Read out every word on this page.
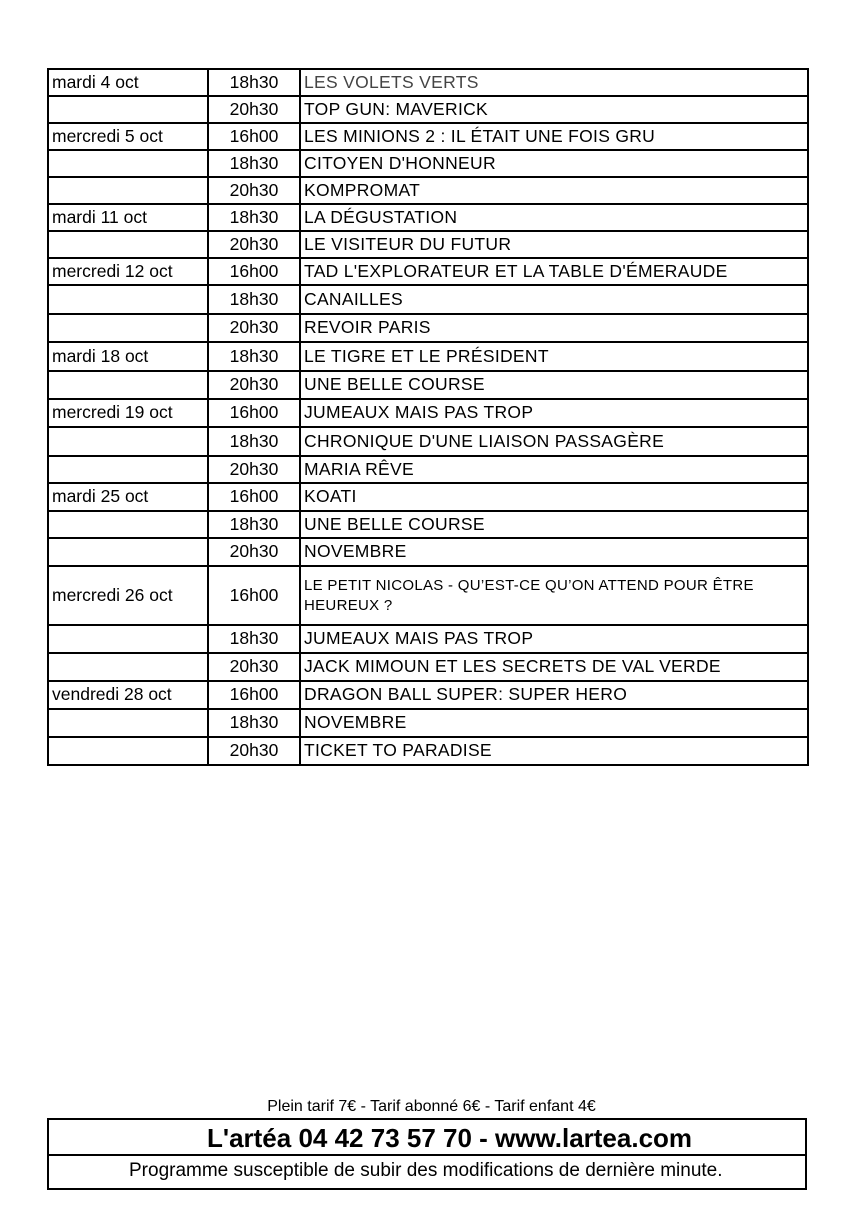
mardi 4 oct	18h30	LES VOLETS VERTS
	20h30	TOP GUN: MAVERICK
mercredi 5 oct	16h00	LES MINIONS 2 : IL ÉTAIT UNE FOIS GRU
	18h30	CITOYEN D'HONNEUR
	20h30	KOMPROMAT
mardi 11 oct	18h30	LA DÉGUSTATION
	20h30	LE VISITEUR DU FUTUR
mercredi 12 oct	16h00	TAD L'EXPLORATEUR ET LA TABLE D'ÉMERAUDE
	18h30	CANAILLES
	20h30	REVOIR PARIS
mardi 18 oct	18h30	LE TIGRE ET LE PRÉSIDENT
	20h30	UNE BELLE COURSE
mercredi 19 oct	16h00	JUMEAUX MAIS PAS TROP
	18h30	CHRONIQUE D'UNE LIAISON PASSAGÈRE
	20h30	MARIA RÊVE
mardi 25 oct	16h00	KOATI
	18h30	UNE BELLE COURSE
	20h30	NOVEMBRE
mercredi 26 oct	16h00	LE PETIT NICOLAS - QU’EST-CE QU’ON ATTEND POUR ÊTRE HEUREUX ?
	18h30	JUMEAUX MAIS PAS TROP
	20h30	JACK MIMOUN ET LES SECRETS DE VAL VERDE
vendredi 28 oct	16h00	DRAGON BALL SUPER: SUPER HERO
	18h30	NOVEMBRE
	20h30	TICKET TO PARADISE
Plein tarif 7€ - Tarif abonné 6€ - Tarif enfant 4€
L'artéa 04 42 73 57 70 - www.lartea.com
Programme susceptible de subir des modifications de dernière minute.
